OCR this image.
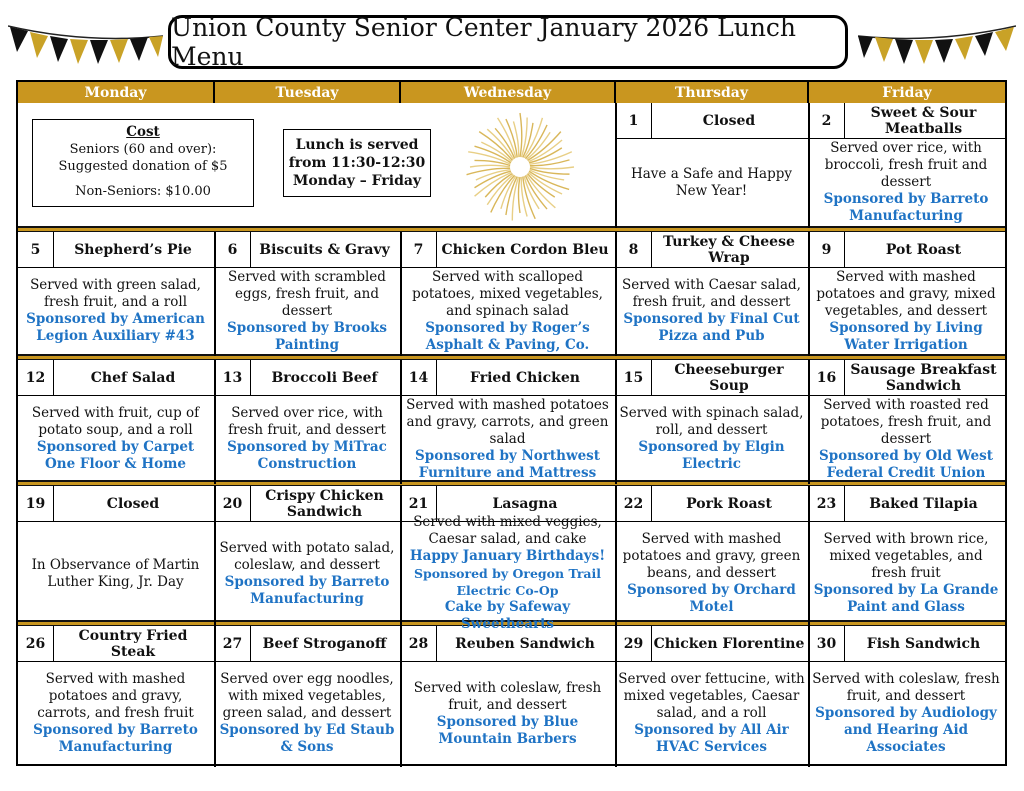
Union County Senior Center January 2026 Lunch Menu
Monday	Tuesday	Wednesday	Thursday	Friday
Cost
Seniors (60 and over):
Suggested donation of $5
Non-Seniors: $10.00
Lunch is served
from 11:30-12:30
Monday – Friday
1	Closed
Have a Safe and Happy New Year!
2	Sweet & Sour Meatballs
Served over rice, with broccoli, fresh fruit and dessert
Sponsored by Barreto Manufacturing
5	Shepherd’s Pie
Served with green salad, fresh fruit, and a roll
Sponsored by American Legion Auxiliary #43
6	Biscuits & Gravy
Served with scrambled eggs, fresh fruit, and dessert
Sponsored by Brooks Painting
7	Chicken Cordon Bleu
Served with scalloped potatoes, mixed vegetables, and spinach salad
Sponsored by Roger’s Asphalt & Paving, Co.
8	Turkey & Cheese Wrap
Served with Caesar salad, fresh fruit, and dessert
Sponsored by Final Cut Pizza and Pub
9	Pot Roast
Served with mashed potatoes and gravy, mixed vegetables, and dessert
Sponsored by Living Water Irrigation
12	Chef Salad
Served with fruit, cup of potato soup, and a roll
Sponsored by Carpet One Floor & Home
13	Broccoli Beef
Served over rice, with fresh fruit, and dessert
Sponsored by MiTrac Construction
14	Fried Chicken
Served with mashed potatoes and gravy, carrots, and green salad
Sponsored by Northwest Furniture and Mattress
15	Cheeseburger Soup
Served with spinach salad, roll, and dessert
Sponsored by Elgin Electric
16	Sausage Breakfast Sandwich
Served with roasted red potatoes, fresh fruit, and dessert
Sponsored by Old West Federal Credit Union
19	Closed
In Observance of Martin Luther King, Jr. Day
20	Crispy Chicken Sandwich
Served with potato salad, coleslaw, and dessert
Sponsored by Barreto Manufacturing
21	Lasagna
Served with mixed veggies, Caesar salad, and cake
Happy January Birthdays!
Sponsored by Oregon Trail Electric Co-Op
Cake by Safeway Sweethearts
22	Pork Roast
Served with mashed potatoes and gravy, green beans, and dessert
Sponsored by Orchard Motel
23	Baked Tilapia
Served with brown rice, mixed vegetables, and fresh fruit
Sponsored by La Grande Paint and Glass
26	Country Fried Steak
Served with mashed potatoes and gravy, carrots, and fresh fruit
Sponsored by Barreto Manufacturing
27	Beef Stroganoff
Served over egg noodles, with mixed vegetables, green salad, and dessert
Sponsored by Ed Staub & Sons
28	Reuben Sandwich
Served with coleslaw, fresh fruit, and dessert
Sponsored by Blue Mountain Barbers
29 Chicken Florentine
Served over fettucine, with mixed vegetables, Caesar salad, and a roll
Sponsored by All Air HVAC Services
30	Fish Sandwich
Served with coleslaw, fresh fruit, and dessert
Sponsored by Audiology and Hearing Aid Associates
